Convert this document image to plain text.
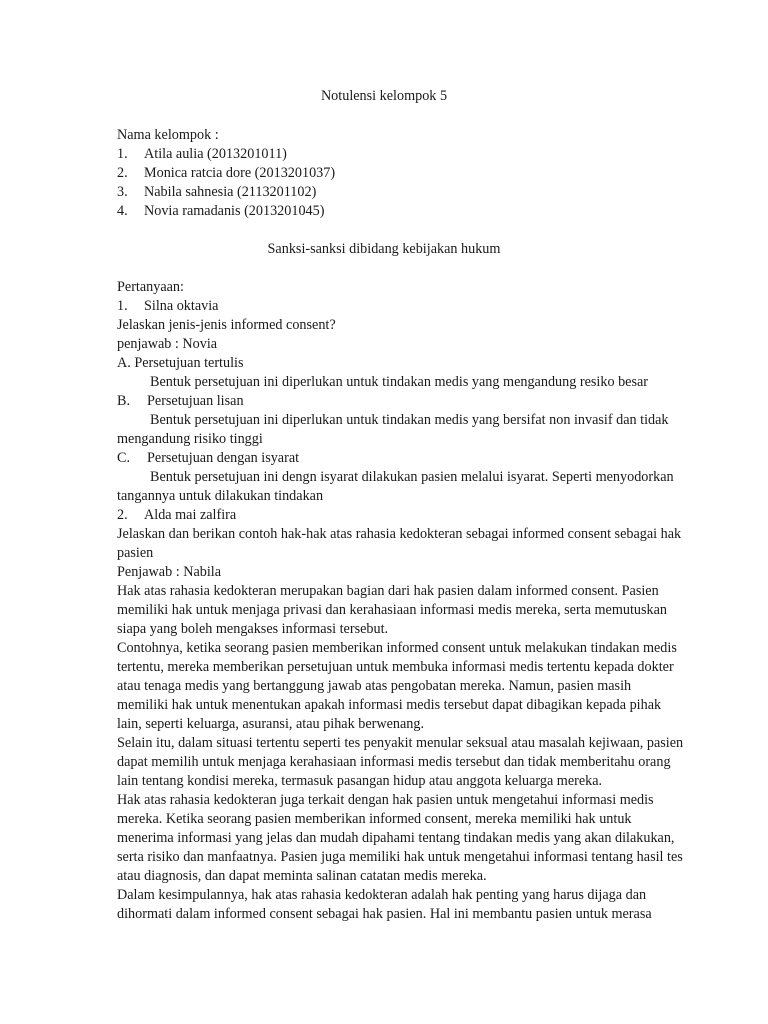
Notulensi kelompok 5
Nama kelompok :
1. Atila aulia (2013201011)
2. Monica ratcia dore (2013201037)
3. Nabila sahnesia (2113201102)
4. Novia ramadanis (2013201045)
Sanksi-sanksi dibidang kebijakan hukum
Pertanyaan:
1. Silna oktavia
Jelaskan jenis-jenis informed consent?
penjawab : Novia
A. Persetujuan tertulis
Bentuk persetujuan ini diperlukan untuk tindakan medis yang mengandung resiko besar
B. Persetujuan lisan
Bentuk persetujuan ini diperlukan untuk tindakan medis yang bersifat non invasif dan tidak
mengandung risiko tinggi
C. Persetujuan dengan isyarat
Bentuk persetujuan ini dengn isyarat dilakukan pasien melalui isyarat. Seperti menyodorkan
tangannya untuk dilakukan tindakan
2. Alda mai zalfira
Jelaskan dan berikan contoh hak-hak atas rahasia kedokteran sebagai informed consent sebagai hak
pasien
Penjawab : Nabila
Hak atas rahasia kedokteran merupakan bagian dari hak pasien dalam informed consent. Pasien
memiliki hak untuk menjaga privasi dan kerahasiaan informasi medis mereka, serta memutuskan
siapa yang boleh mengakses informasi tersebut.
Contohnya, ketika seorang pasien memberikan informed consent untuk melakukan tindakan medis
tertentu, mereka memberikan persetujuan untuk membuka informasi medis tertentu kepada dokter
atau tenaga medis yang bertanggung jawab atas pengobatan mereka. Namun, pasien masih
memiliki hak untuk menentukan apakah informasi medis tersebut dapat dibagikan kepada pihak
lain, seperti keluarga, asuransi, atau pihak berwenang.
Selain itu, dalam situasi tertentu seperti tes penyakit menular seksual atau masalah kejiwaan, pasien
dapat memilih untuk menjaga kerahasiaan informasi medis tersebut dan tidak memberitahu orang
lain tentang kondisi mereka, termasuk pasangan hidup atau anggota keluarga mereka.
Hak atas rahasia kedokteran juga terkait dengan hak pasien untuk mengetahui informasi medis
mereka. Ketika seorang pasien memberikan informed consent, mereka memiliki hak untuk
menerima informasi yang jelas dan mudah dipahami tentang tindakan medis yang akan dilakukan,
serta risiko dan manfaatnya. Pasien juga memiliki hak untuk mengetahui informasi tentang hasil tes
atau diagnosis, dan dapat meminta salinan catatan medis mereka.
Dalam kesimpulannya, hak atas rahasia kedokteran adalah hak penting yang harus dijaga dan
dihormati dalam informed consent sebagai hak pasien. Hal ini membantu pasien untuk merasa
